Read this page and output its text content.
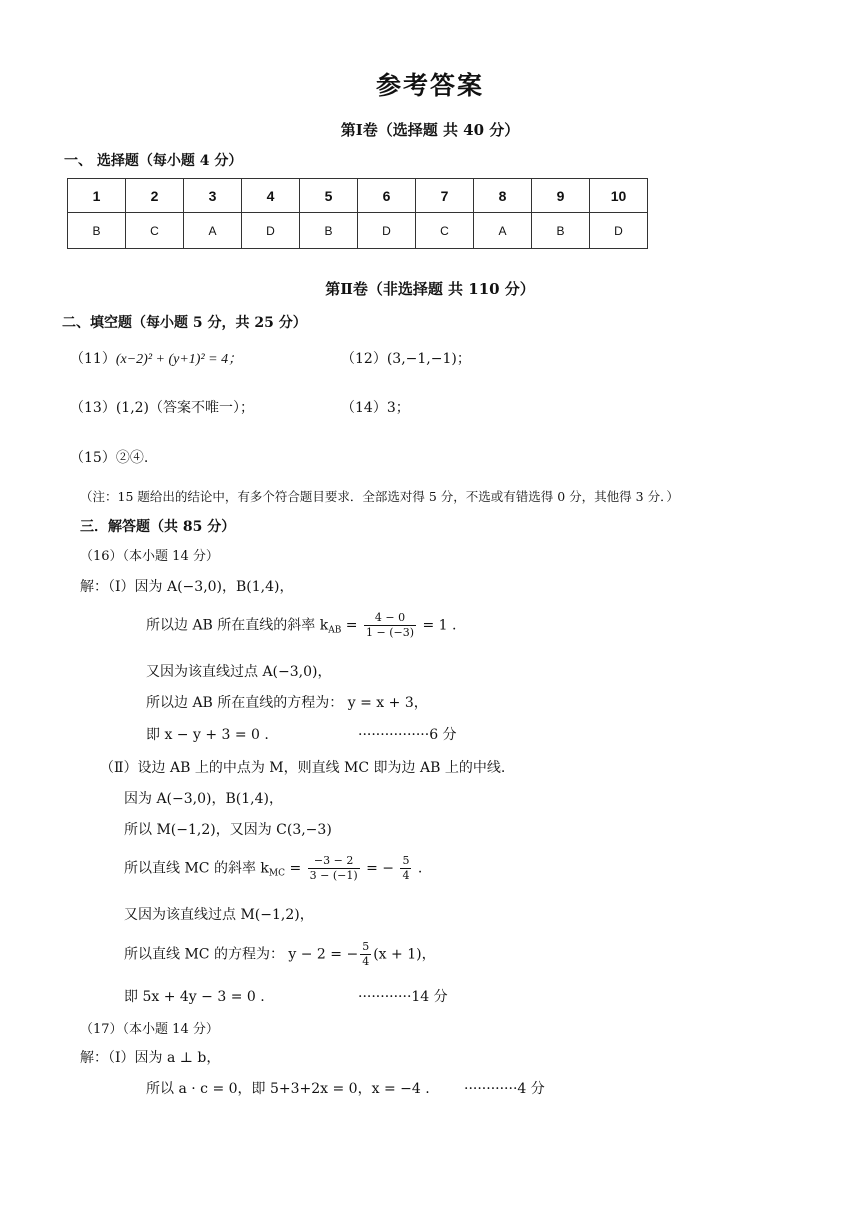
参考答案
第Ⅰ卷（选择题 共 40 分）
一、 选择题（每小题 4 分）
1	2	3	4	5	6	7	8	9	10
B	C	A	D	B	D	C	A	B	D
第Ⅱ卷（非选择题 共 110 分）
二、填空题（每小题 5 分，共 25 分）
（11）(x−2)² + (y+1)² = 4；	（12）(3,−1,−1)；
（13）(1,2)（答案不唯一）；	（14）3；
（15）②④.
（注：15 题给出的结论中，有多个符合题目要求．全部选对得 5 分，不选或有错选得 0 分，其他得 3 分．）
三．解答题（共 85 分）
（16）（本小题 14 分）
解：（Ⅰ）因为 A(−3,0)，B(1,4)，
所以边 AB 所在直线的斜率 $k_{AB} = \frac{4 - 0}{1 - (-3)} = 1$ .
又因为该直线过点 A(−3,0)，
所以边 AB 所在直线的方程为： y = x + 3，
即 x − y + 3 = 0 .	················6 分
（Ⅱ）设边 AB 上的中点为 M，则直线 MC 即为边 AB 上的中线.
因为 A(−3,0)，B(1,4)，
所以 M(−1,2)，又因为 C(3,−3)
所以直线 MC 的斜率 $k_{MC} = \frac{-3 - 2}{3 - (-1)}$ = − $\frac{5}{4}$ .
又因为该直线过点 M(−1,2)，
所以直线 MC 的方程为： y − 2 = − $\frac{5}{4} (x + 1)$，
即 5x + 4y − 3 = 0 .	············14 分
（17）（本小题 14 分）
解：（Ⅰ）因为 a ⊥ b，
所以 a · c = 0，即 5+3+2x = 0，x = −4 . ············4 分
